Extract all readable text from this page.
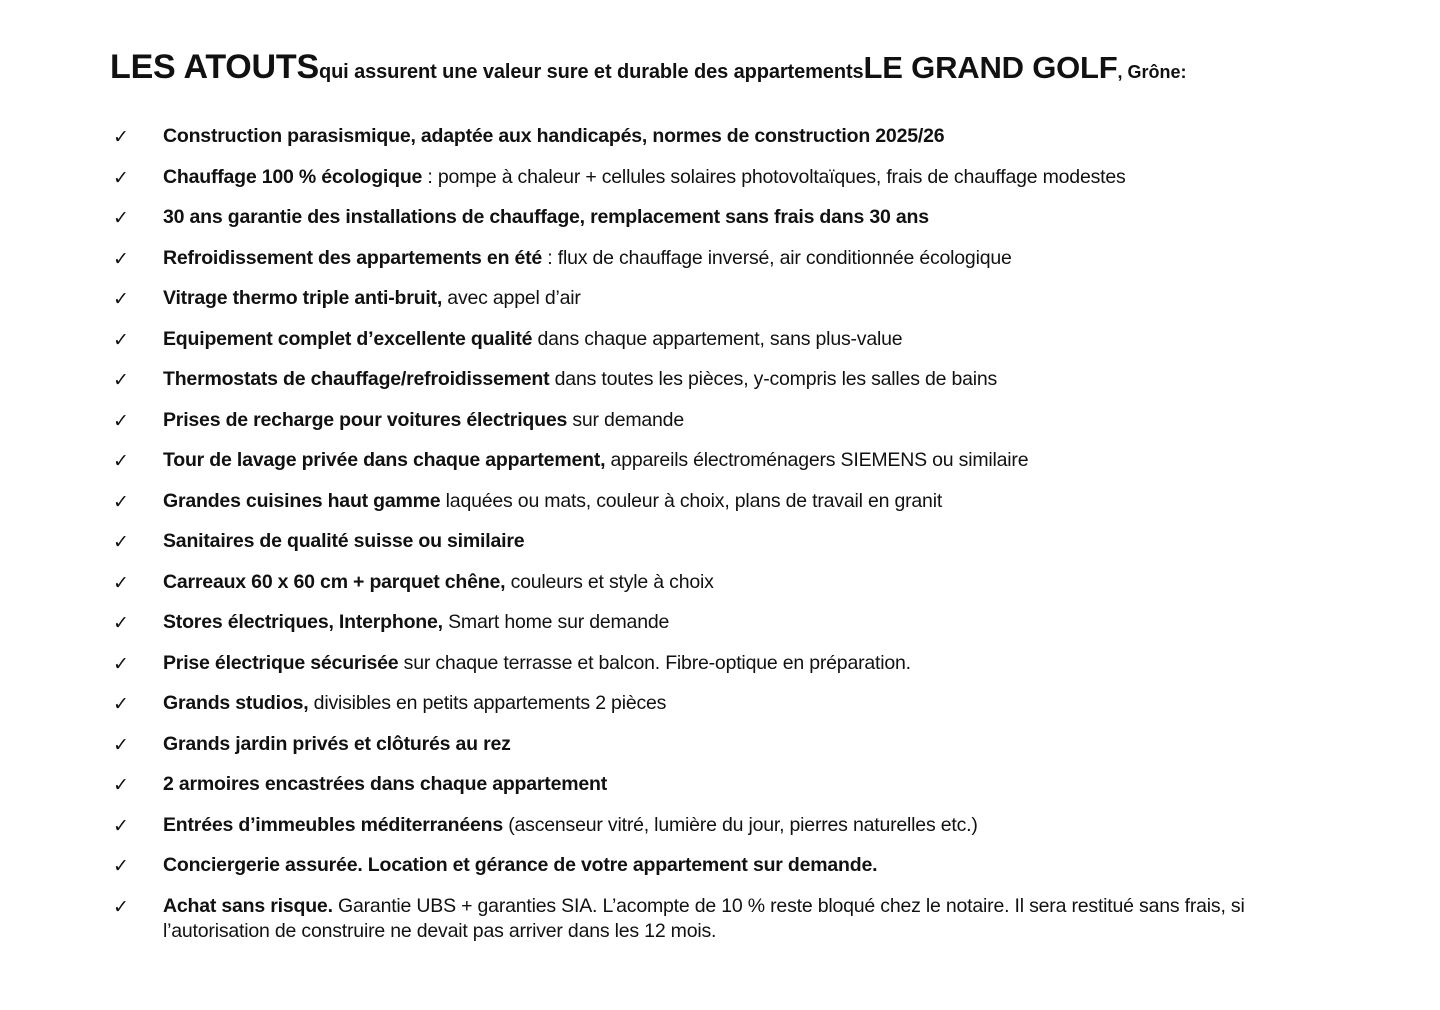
LES ATOUTSqui assurent une valeur sure et durable des appartementsLE GRAND GOLF, Grône:
✓	Construction parasismique, adaptée aux handicapés, normes de construction 2025/26
✓	Chauffage 100 % écologique : pompe à chaleur + cellules solaires photovoltaïques, frais de chauffage modestes
✓	30 ans garantie des installations de chauffage, remplacement sans frais dans 30 ans
✓	Refroidissement des appartements en été : flux de chauffage inversé, air conditionnée écologique
✓	Vitrage thermo triple anti-bruit, avec appel d’air
✓	Equipement complet d’excellente qualité dans chaque appartement, sans plus-value
✓	Thermostats de chauffage/refroidissement dans toutes les pièces, y-compris les salles de bains
✓	Prises de recharge pour voitures électriques sur demande
✓	Tour de lavage privée dans chaque appartement, appareils électroménagers SIEMENS ou similaire
✓	Grandes cuisines haut gamme laquées ou mats, couleur à choix, plans de travail en granit
✓	Sanitaires de qualité suisse ou similaire
✓	Carreaux 60 x 60 cm + parquet chêne, couleurs et style à choix
✓	Stores électriques, Interphone, Smart home sur demande
✓	Prise électrique sécurisée sur chaque terrasse et balcon. Fibre-optique en préparation.
✓	Grands studios, divisibles en petits appartements 2 pièces
✓	Grands jardin privés et clôturés au rez
✓	2 armoires encastrées dans chaque appartement
✓	Entrées d’immeubles méditerranéens (ascenseur vitré, lumière du jour, pierres naturelles etc.)
✓	Conciergerie assurée. Location et gérance de votre appartement sur demande.
✓	Achat sans risque. Garantie UBS + garanties SIA. L’acompte de 10 % reste bloqué chez le notaire. Il sera restitué sans frais, si l’autorisation de construire ne devait pas arriver dans les 12 mois.
